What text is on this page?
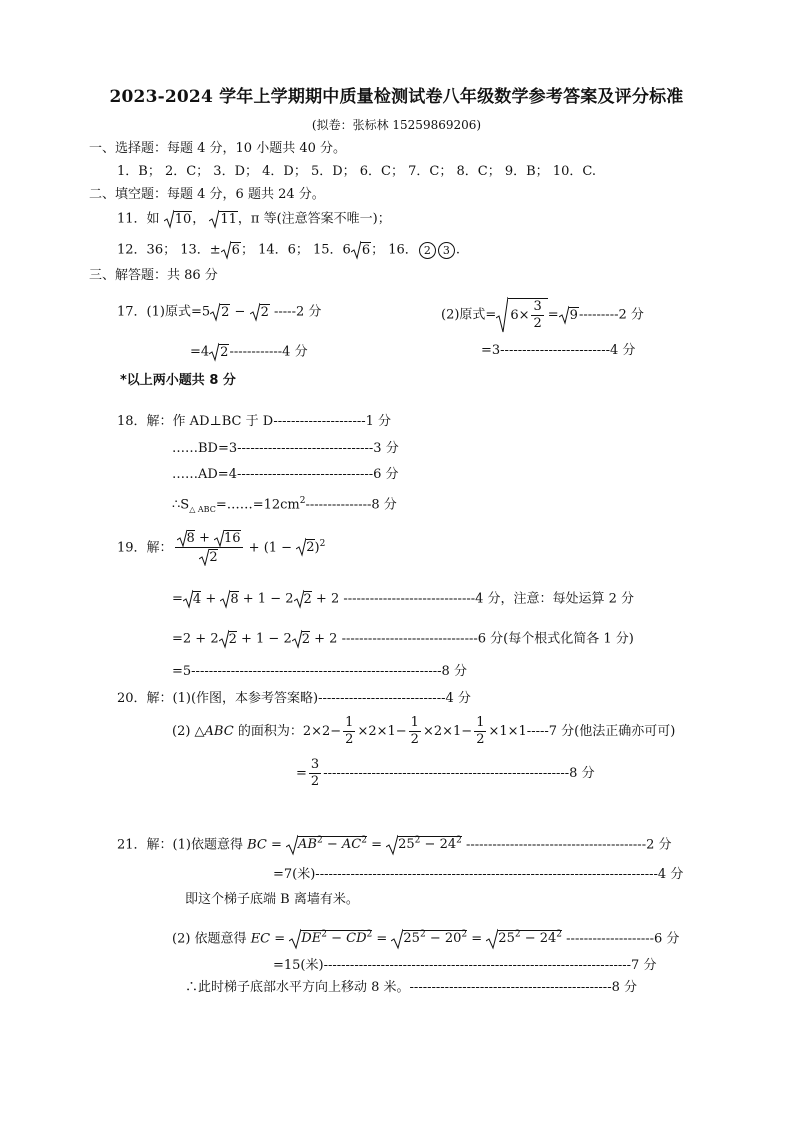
2023-2024 学年上学期期中质量检测试卷八年级数学参考答案及评分标准
(拟卷：张标林 15259869206)
一、选择题：每题 4 分，10 小题共 40 分。
1．B； 2．C； 3．D； 4．D； 5．D； 6．C； 7．C； 8．C； 9．B； 10．C.
二、填空题：每题 4 分，6 题共 24 分。
11．如 10， 11，π 等(注意答案不唯一)；
12．36； 13．± 6； 14．6； 15．6 6； 16． 2 3 .
三、解答题：共 86 分
17．(1)原式=5 2 − 2 -----2 分
=4 2------------4 分
(2)原式= $6\times \frac{3}{2} = 9---------2$ 分
=3-------------------------4 分
*以上两小题共 8 分
18．解：作 AD⊥BC 于 D---------------------1 分
……BD=3-------------------------------3 分
……AD=4-------------------------------6 分
$\therefore S_{\triangle ABC}=\dots\dots=12cm^2---------------8$ 分
19．解： $\frac{8 + 16}{2} + (1 - 2)^2$
= 4 + 8 + 1 − 2 2 + 2 ------------------------------4 分，注意：每处运算 2 分
=2 + 2 2 + 1 − 2 2 + 2 -------------------------------6 分(每个根式化简各 1 分)
=5---------------------------------------------------------8 分
20．解：(1)(作图，本参考答案略)-----------------------------4 分
(2) △ABC 的面积为：$2\times 2- \frac{1}{2} \times 2\times 1- \frac{1}{2} \times 2\times 1- \frac{1}{2} \times 1\times 1-----7$ 分(他法正确亦可可)
= $\frac{3}{2} --------------------------------------------------------8$ 分
21．解：(1)依题意得 BC = $AB^2 - AC^2 = 25^2 - 24^2$ -----------------------------------------2 分
=7(米)------------------------------------------------------------------------------4 分
即这个梯子底端 B 离墙有米。
(2) 依题意得 EC = $DE^2 - CD^2 = 25^2 - 20^2 = 25^2 - 24^2$ --------------------6 分
=15(米)----------------------------------------------------------------------7 分
∴此时梯子底部水平方向上移动 8 米。----------------------------------------------8 分
